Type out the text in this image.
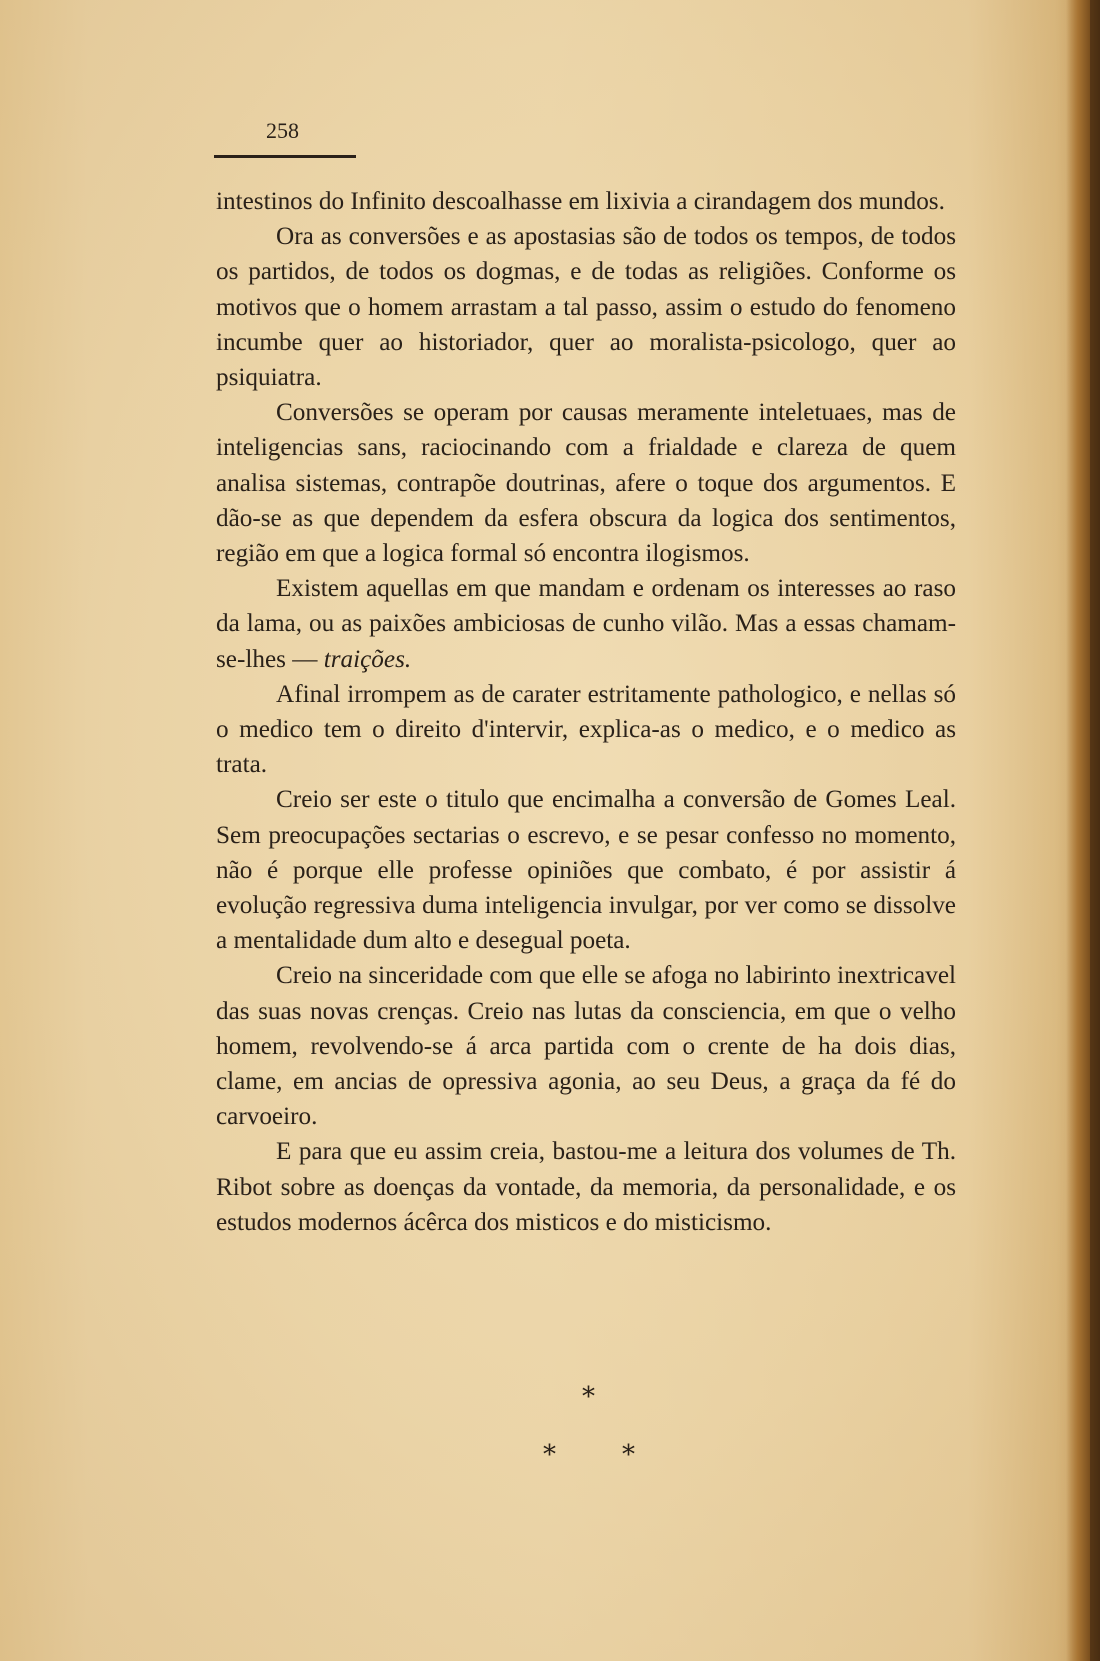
258

intestinos do Infinito descoalhasse em lixivia a cirandagem dos mundos.

Ora as conversões e as apostasias são de todos os tempos, de todos os partidos, de todos os dogmas, e de todas as religiões. Conforme os motivos que o homem arrastam a tal passo, assim o estudo do fenomeno incumbe quer ao historiador, quer ao moralista-psicologo, quer ao psiquiatra.

Conversões se operam por causas meramente inteletuaes, mas de inteligencias sans, raciocinando com a frialdade e clareza de quem analisa sistemas, contrapõe doutrinas, afere o toque dos argumentos. E dão-se as que dependem da esfera obscura da logica dos sentimentos, região em que a logica formal só encontra ilogismos.

Existem aquellas em que mandam e ordenam os interesses ao raso da lama, ou as paixões ambiciosas de cunho vilão. Mas a essas chamam-se-lhes — traições.

Afinal irrompem as de carater estritamente pathologico, e nellas só o medico tem o direito d'intervir, explica-as o medico, e o medico as trata.

Creio ser este o titulo que encimalha a conversão de Gomes Leal. Sem preocupações sectarias o escrevo, e se pesar confesso no momento, não é porque elle professe opiniões que combato, é por assistir á evolução regressiva duma inteligencia invulgar, por ver como se dissolve a mentalidade dum alto e desegual poeta.

Creio na sinceridade com que elle se afoga no labirinto inextricavel das suas novas crenças. Creio nas lutas da consciencia, em que o velho homem, revolvendo-se á arca partida com o crente de ha dois dias, clame, em ancias de opressiva agonia, ao seu Deus, a graça da fé do carvoeiro.

E para que eu assim creia, bastou-me a leitura dos volumes de Th. Ribot sobre as doenças da vontade, da memoria, da personalidade, e os estudos modernos ácêrca dos misticos e do misticismo.

*
*	*
